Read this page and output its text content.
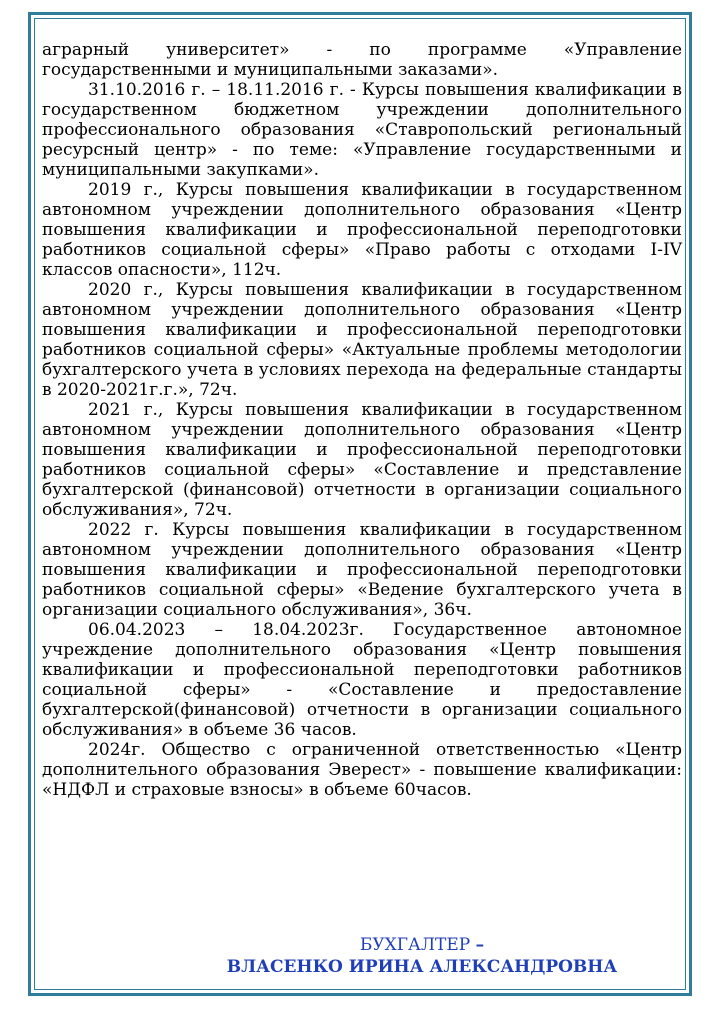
аграрный университет» - по программе «Управление государственными и муниципальными заказами».

31.10.2016 г. – 18.11.2016 г. - Курсы повышения квалификации в государственном бюджетном учреждении дополнительного профессионального образования «Ставропольский региональный ресурсный центр» - по теме: «Управление государственными и муниципальными закупками».

2019 г., Курсы повышения квалификации в государственном автономном учреждении дополнительного образования «Центр повышения квалификации и профессиональной переподготовки работников социальной сферы» «Право работы с отходами I-IV классов опасности», 112ч.

2020 г., Курсы повышения квалификации в государственном автономном учреждении дополнительного образования «Центр повышения квалификации и профессиональной переподготовки работников социальной сферы» «Актуальные проблемы методологии бухгалтерского учета в условиях перехода на федеральные стандарты в 2020-2021г.г.», 72ч.

2021 г., Курсы повышения квалификации в государственном автономном учреждении дополнительного образования «Центр повышения квалификации и профессиональной переподготовки работников социальной сферы» «Составление и представление бухгалтерской (финансовой) отчетности в организации социального обслуживания», 72ч.

2022 г. Курсы повышения квалификации в государственном автономном учреждении дополнительного образования «Центр повышения квалификации и профессиональной переподготовки работников социальной сферы» «Ведение бухгалтерского учета в организации социального обслуживания», 36ч.

06.04.2023 – 18.04.2023г. Государственное автономное учреждение дополнительного образования «Центр повышения квалификации и профессиональной переподготовки работников социальной сферы» - «Составление и предоставление бухгалтерской(финансовой) отчетности в организации социального обслуживания» в объеме 36 часов.

2024г. Общество с ограниченной ответственностью «Центр дополнительного образования Эверест» - повышение квалификации: «НДФЛ и страховые взносы» в объеме 60часов.

БУХГАЛТЕР –
ВЛАСЕНКО ИРИНА АЛЕКСАНДРОВНА
